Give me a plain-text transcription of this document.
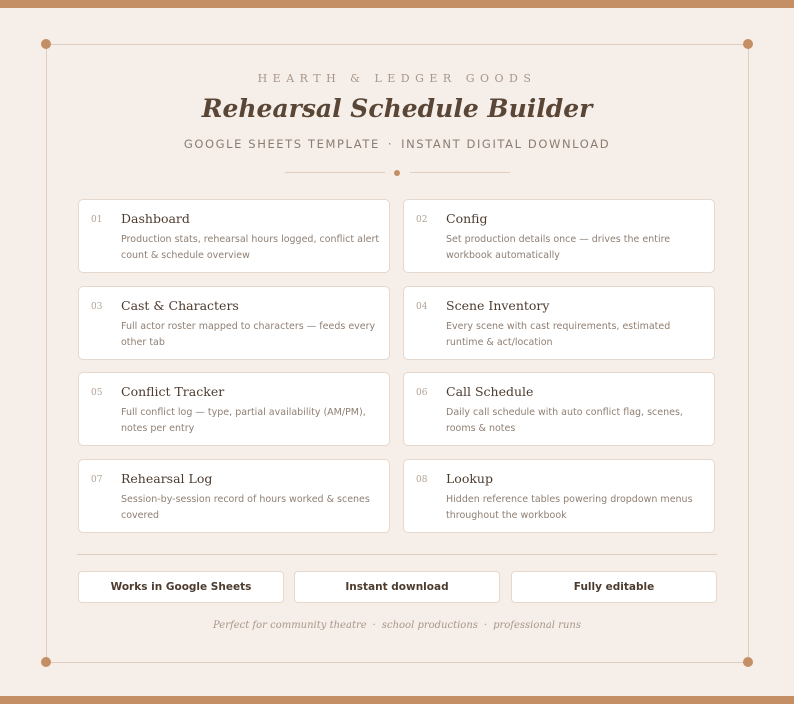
HEARTH & LEDGER GOODS
Rehearsal Schedule Builder
GOOGLE SHEETS TEMPLATE · INSTANT DIGITAL DOWNLOAD
01 Dashboard
Production stats, rehearsal hours logged, conflict alert count & schedule overview
02 Config
Set production details once — drives the entire workbook automatically
03 Cast & Characters
Full actor roster mapped to characters — feeds every other tab
04 Scene Inventory
Every scene with cast requirements, estimated runtime & act/location
05 Conflict Tracker
Full conflict log — type, partial availability (AM/PM), notes per entry
06 Call Schedule
Daily call schedule with auto conflict flag, scenes, rooms & notes
07 Rehearsal Log
Session-by-session record of hours worked & scenes covered
08 Lookup
Hidden reference tables powering dropdown menus throughout the workbook
Works in Google Sheets	Instant download	Fully editable
Perfect for community theatre · school productions · professional runs
